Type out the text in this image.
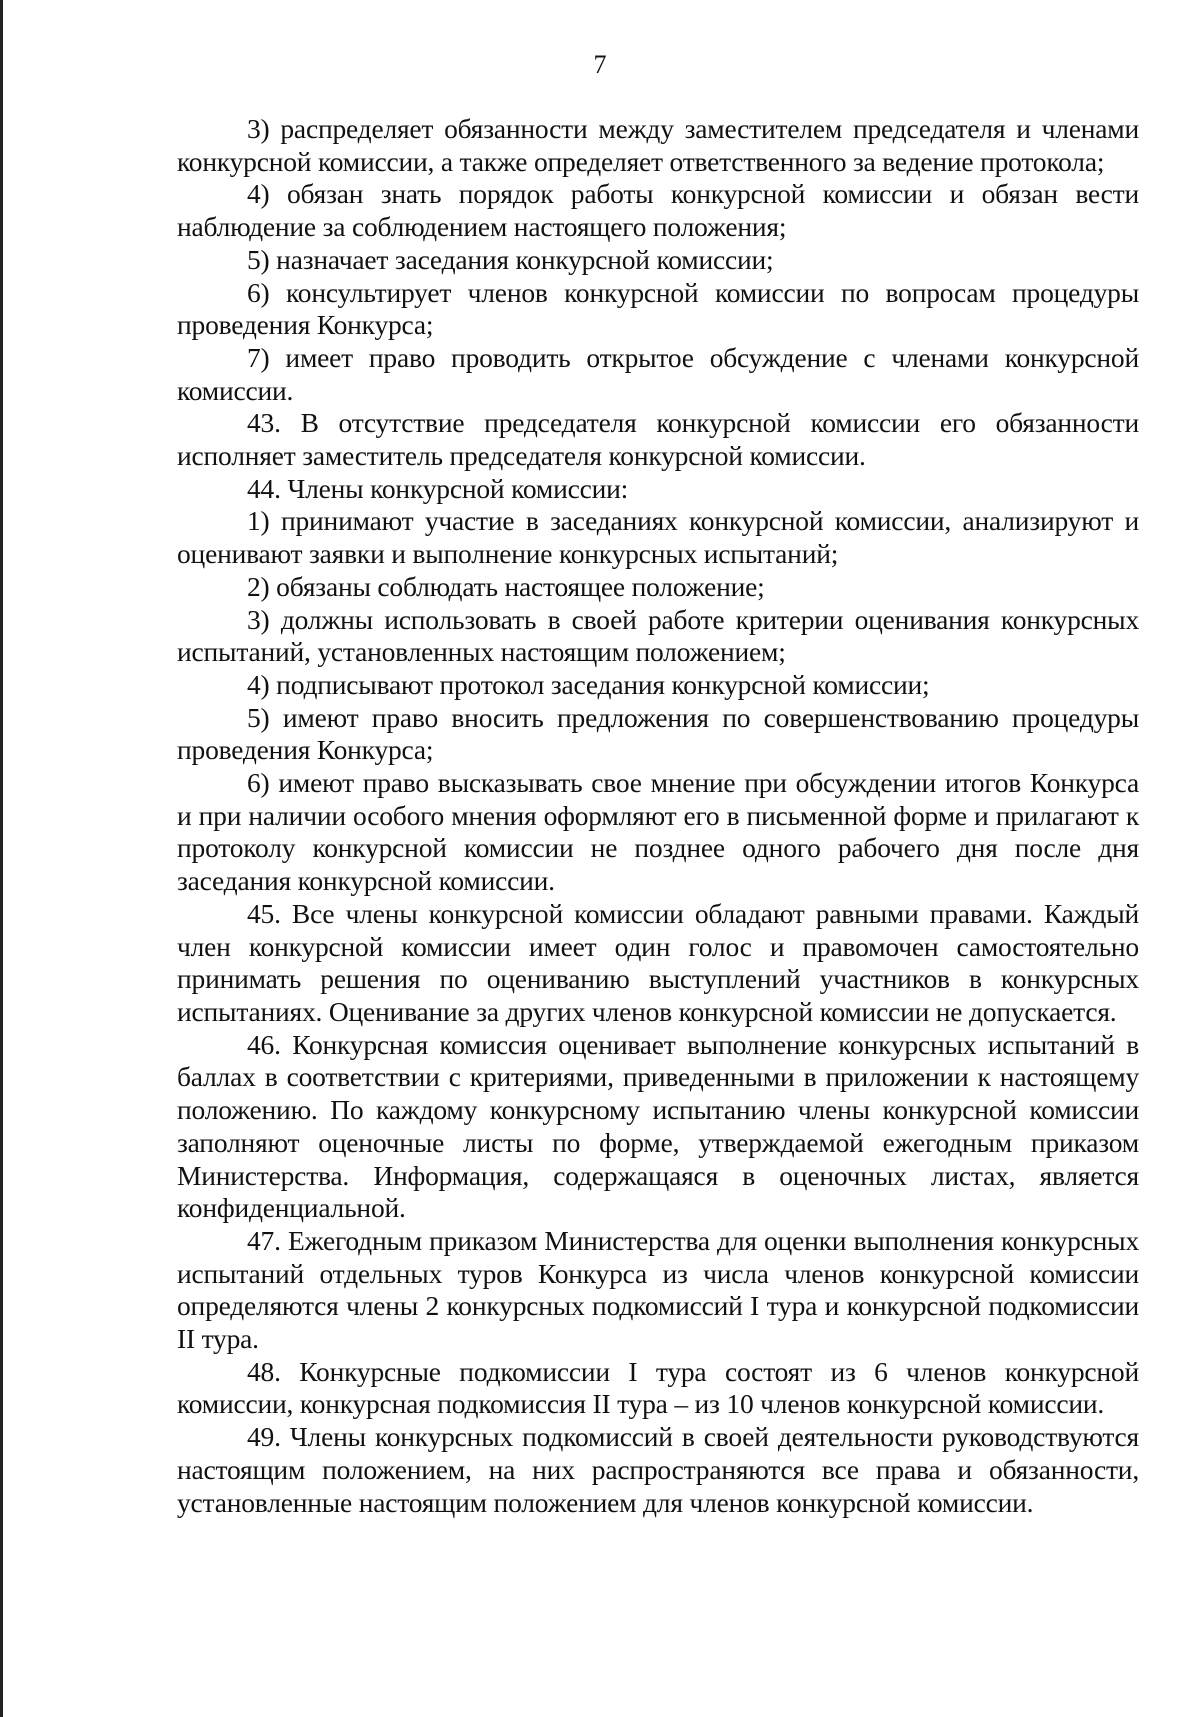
7

3) распределяет обязанности между заместителем председателя и членами конкурсной комиссии, а также определяет ответственного за ведение протокола;

4) обязан знать порядок работы конкурсной комиссии и обязан вести наблюдение за соблюдением настоящего положения;

5) назначает заседания конкурсной комиссии;

6) консультирует членов конкурсной комиссии по вопросам процедуры проведения Конкурса;

7) имеет право проводить открытое обсуждение с членами конкурсной комиссии.

43. В отсутствие председателя конкурсной комиссии его обязанности исполняет заместитель председателя конкурсной комиссии.

44. Члены конкурсной комиссии:

1) принимают участие в заседаниях конкурсной комиссии, анализируют и оценивают заявки и выполнение конкурсных испытаний;

2) обязаны соблюдать настоящее положение;

3) должны использовать в своей работе критерии оценивания конкурсных испытаний, установленных настоящим положением;

4) подписывают протокол заседания конкурсной комиссии;

5) имеют право вносить предложения по совершенствованию процедуры проведения Конкурса;

6) имеют право высказывать свое мнение при обсуждении итогов Конкурса и при наличии особого мнения оформляют его в письменной форме и прилагают к протоколу конкурсной комиссии не позднее одного рабочего дня после дня заседания конкурсной комиссии.

45. Все члены конкурсной комиссии обладают равными правами. Каждый член конкурсной комиссии имеет один голос и правомочен самостоятельно принимать решения по оцениванию выступлений участников в конкурсных испытаниях. Оценивание за других членов конкурсной комиссии не допускается.

46. Конкурсная комиссия оценивает выполнение конкурсных испытаний в баллах в соответствии с критериями, приведенными в приложении к настоящему положению. По каждому конкурсному испытанию члены конкурсной комиссии заполняют оценочные листы по форме, утверждаемой ежегодным приказом Министерства. Информация, содержащаяся в оценочных листах, является конфиденциальной.

47. Ежегодным приказом Министерства для оценки выполнения конкурсных испытаний отдельных туров Конкурса из числа членов конкурсной комиссии определяются члены 2 конкурсных подкомиссий I тура и конкурсной подкомиссии II тура.

48. Конкурсные подкомиссии I тура состоят из 6 членов конкурсной комиссии, конкурсная подкомиссия II тура – из 10 членов конкурсной комиссии.

49. Члены конкурсных подкомиссий в своей деятельности руководствуются настоящим положением, на них распространяются все права и обязанности, установленные настоящим положением для членов конкурсной комиссии.
